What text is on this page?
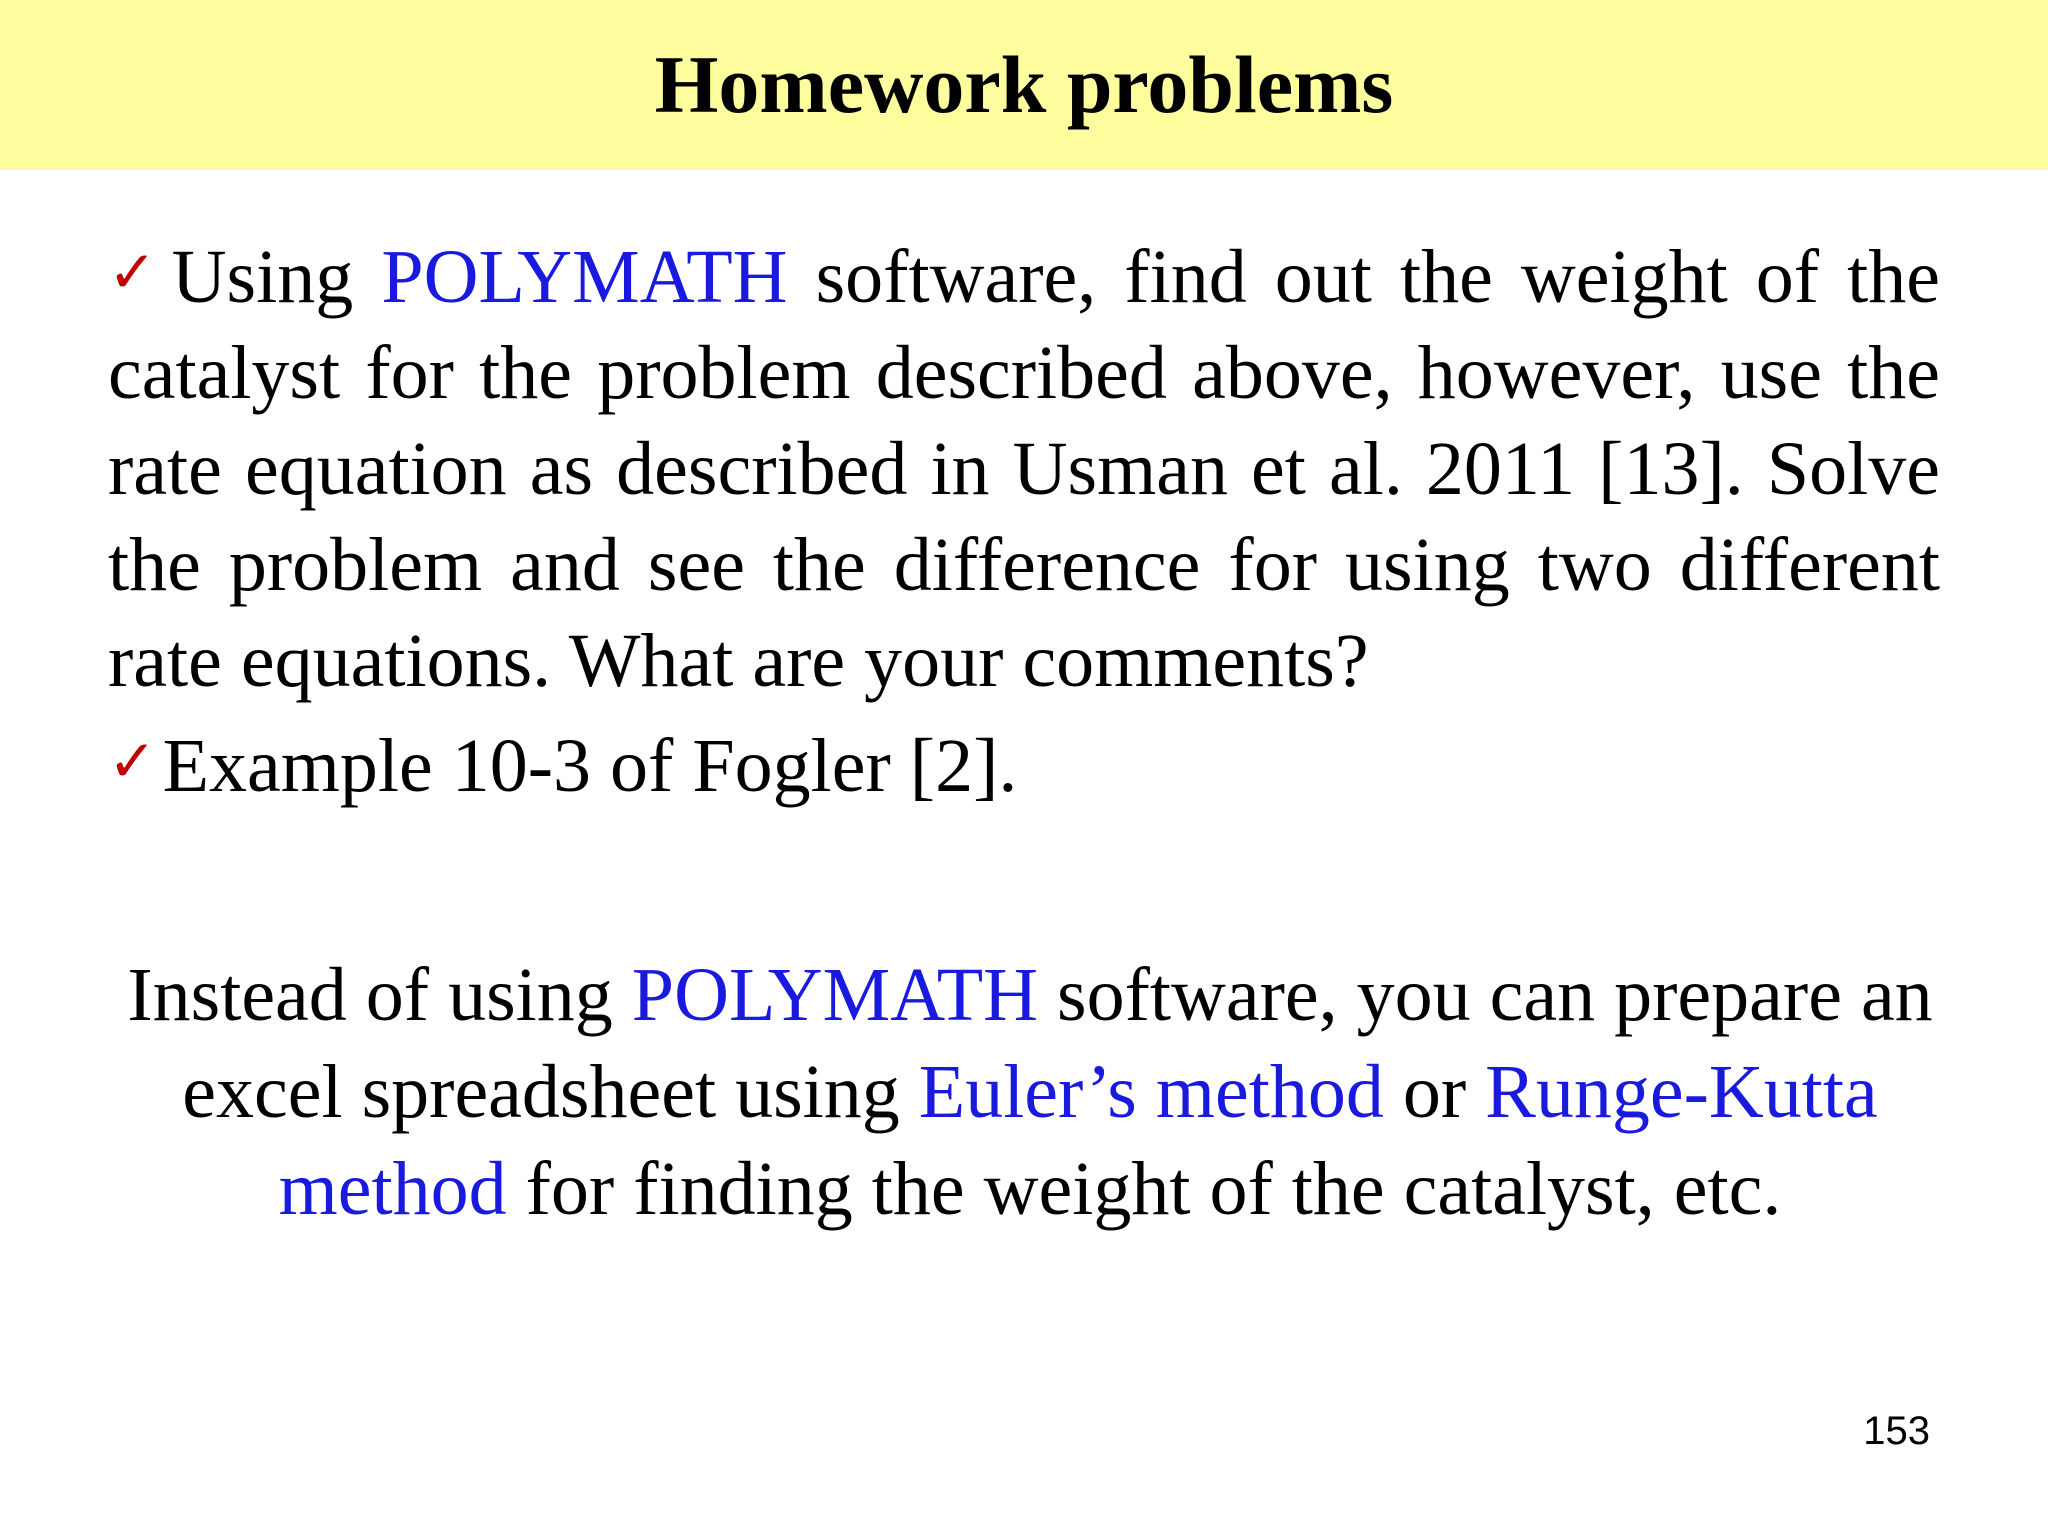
Homework problems
✓Using POLYMATH software, find out the weight of the catalyst for the problem described above, however, use the rate equation as described in Usman et al. 2011 [13]. Solve the problem and see the difference for using two different rate equations. What are your comments?
✓Example 10-3 of Fogler [2].

Instead of using POLYMATH software, you can prepare an excel spreadsheet using Euler’s method or Runge-Kutta method for finding the weight of the catalyst, etc.

153
